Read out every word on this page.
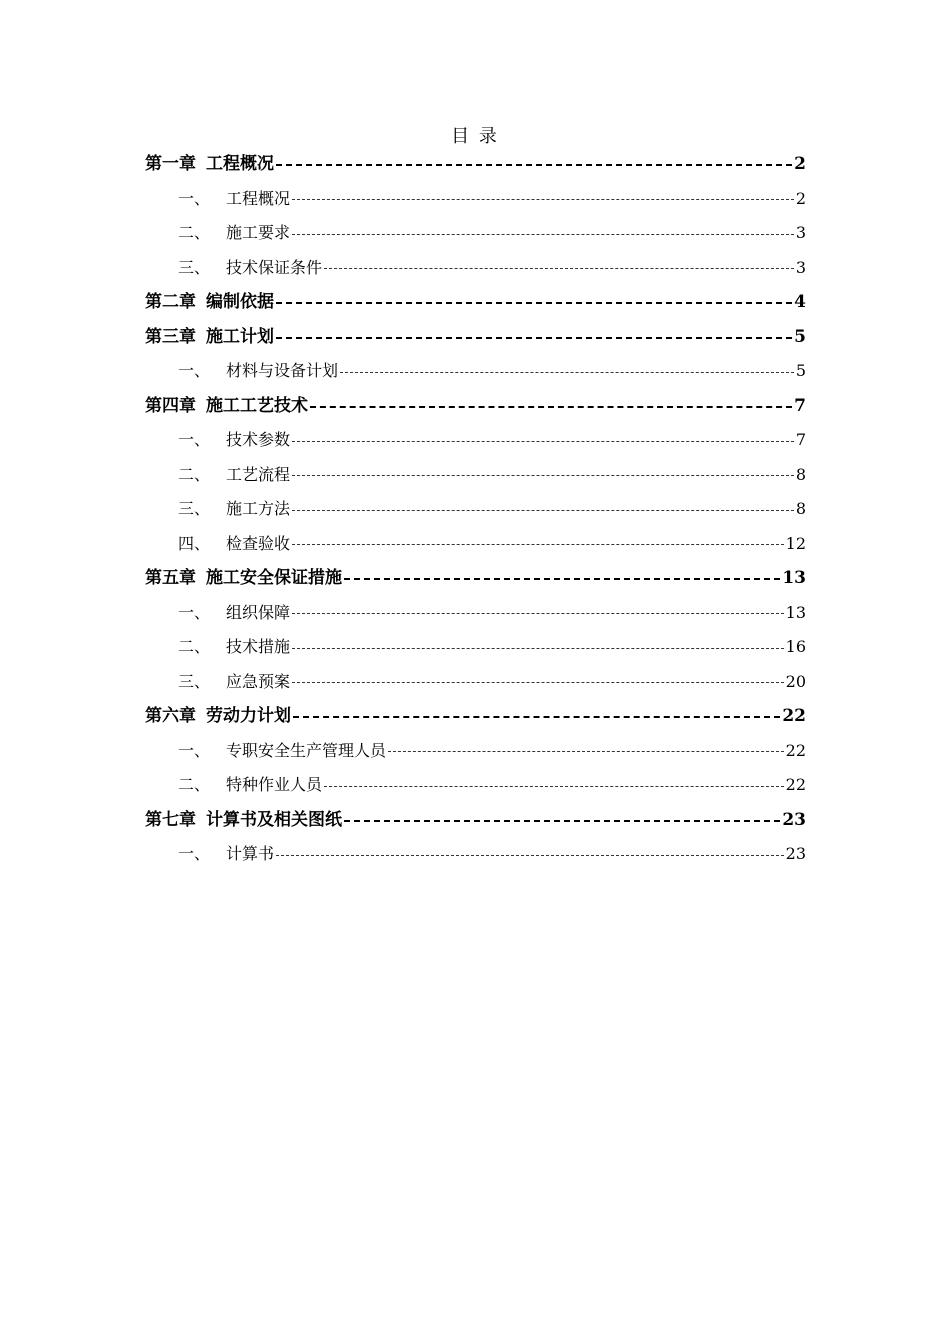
目 录
第一章 工程概况	2
一、 工程概况	2
二、 施工要求	3
三、 技术保证条件	3
第二章 编制依据	4
第三章 施工计划	5
一、 材料与设备计划	5
第四章 施工工艺技术	7
一、 技术参数	7
二、 工艺流程	8
三、 施工方法	8
四、 检查验收	12
第五章 施工安全保证措施	13
一、 组织保障	13
二、 技术措施	16
三、 应急预案	20
第六章 劳动力计划	22
一、 专职安全生产管理人员	22
二、 特种作业人员	22
第七章 计算书及相关图纸	23
一、 计算书	23
